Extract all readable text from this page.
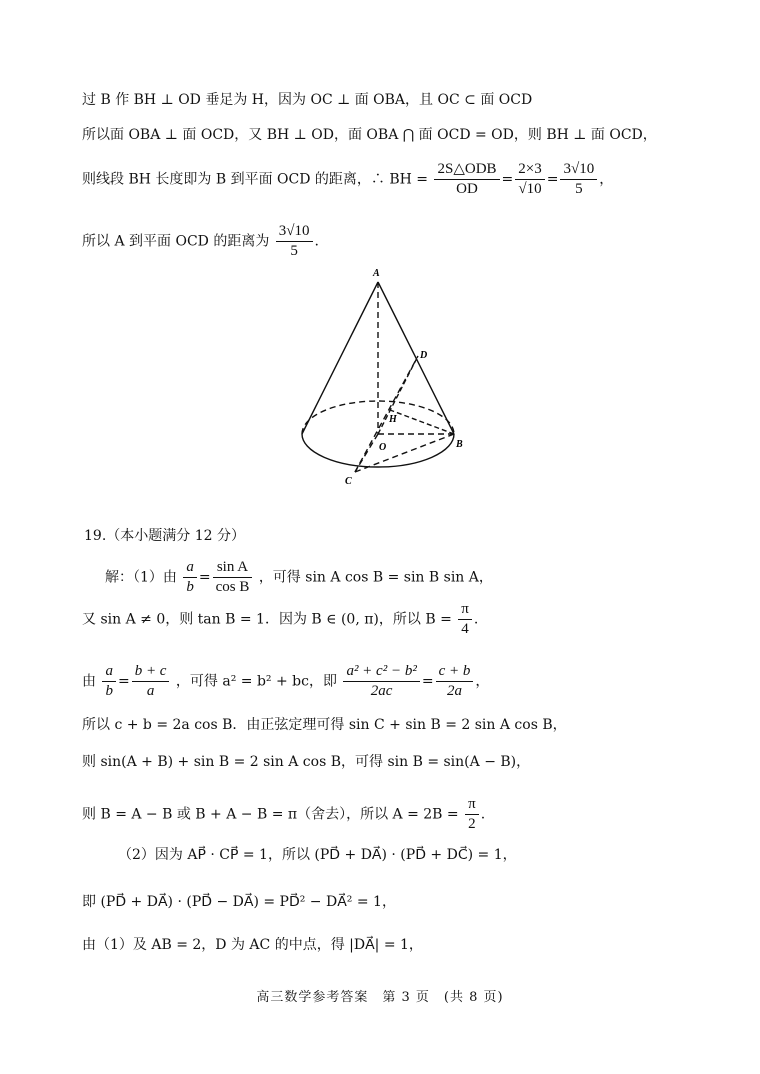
过 B 作 BH ⊥ OD 垂足为 H，因为 OC ⊥ 面 OBA，且 OC ⊂ 面 OCD
所以面 OBA ⊥ 面 OCD，又 BH ⊥ OD，面 OBA ⋂ 面 OCD = OD，则 BH ⊥ 面 OCD，
则线段 BH 长度即为 B 到平面 OCD 的距离，∴ BH = $\frac{\text{2S△ODB}}{OD} = \frac{2\times 3}{√10} = \frac{3√10}{5}$ ，
所以 A 到平面 OCD 的距离为 $\frac{3√10}{5}$ .
A
D
H
O	B
C
19.（本小题满分 12 分）
解：（1）由 $\frac{a}{b} = \frac{\text{sin A}}{\text{cos B}}$ ，可得 sin A cos B = sin B sin A，
又 sin A ≠ 0，则 tan B = 1．因为 B ∈ (0, π)，所以 $B = \frac{\pi}{4}$ .
由 $\frac{a}{b} = \frac{b + c}{a}$ ，可得 a² = b² + bc，即 $\frac{\text{a² + c² − b²}}{2ac} = \frac{c + b}{2a}$ ，
所以 c + b = 2a cos B．由正弦定理可得 sin C + sin B = 2 sin A cos B，
则 sin(A + B) + sin B = 2 sin A cos B，可得 sin B = sin(A − B)，
则 B = A − B 或 B + A − B = π（舍去），所以 $A = 2B = \frac{\pi}{2}$ .
（2）因为 AP⃗ · CP⃗ = 1，所以 (PD⃗ + DA⃗) · (PD⃗ + DC⃗) = 1，
即 (PD⃗ + DA⃗) · (PD⃗ − DA⃗) = PD⃗² − DA⃗² = 1，
由（1）及 AB = 2，D 为 AC 的中点，得 |DA⃗| = 1，
高三数学参考答案　第 3 页　(共 8 页)
